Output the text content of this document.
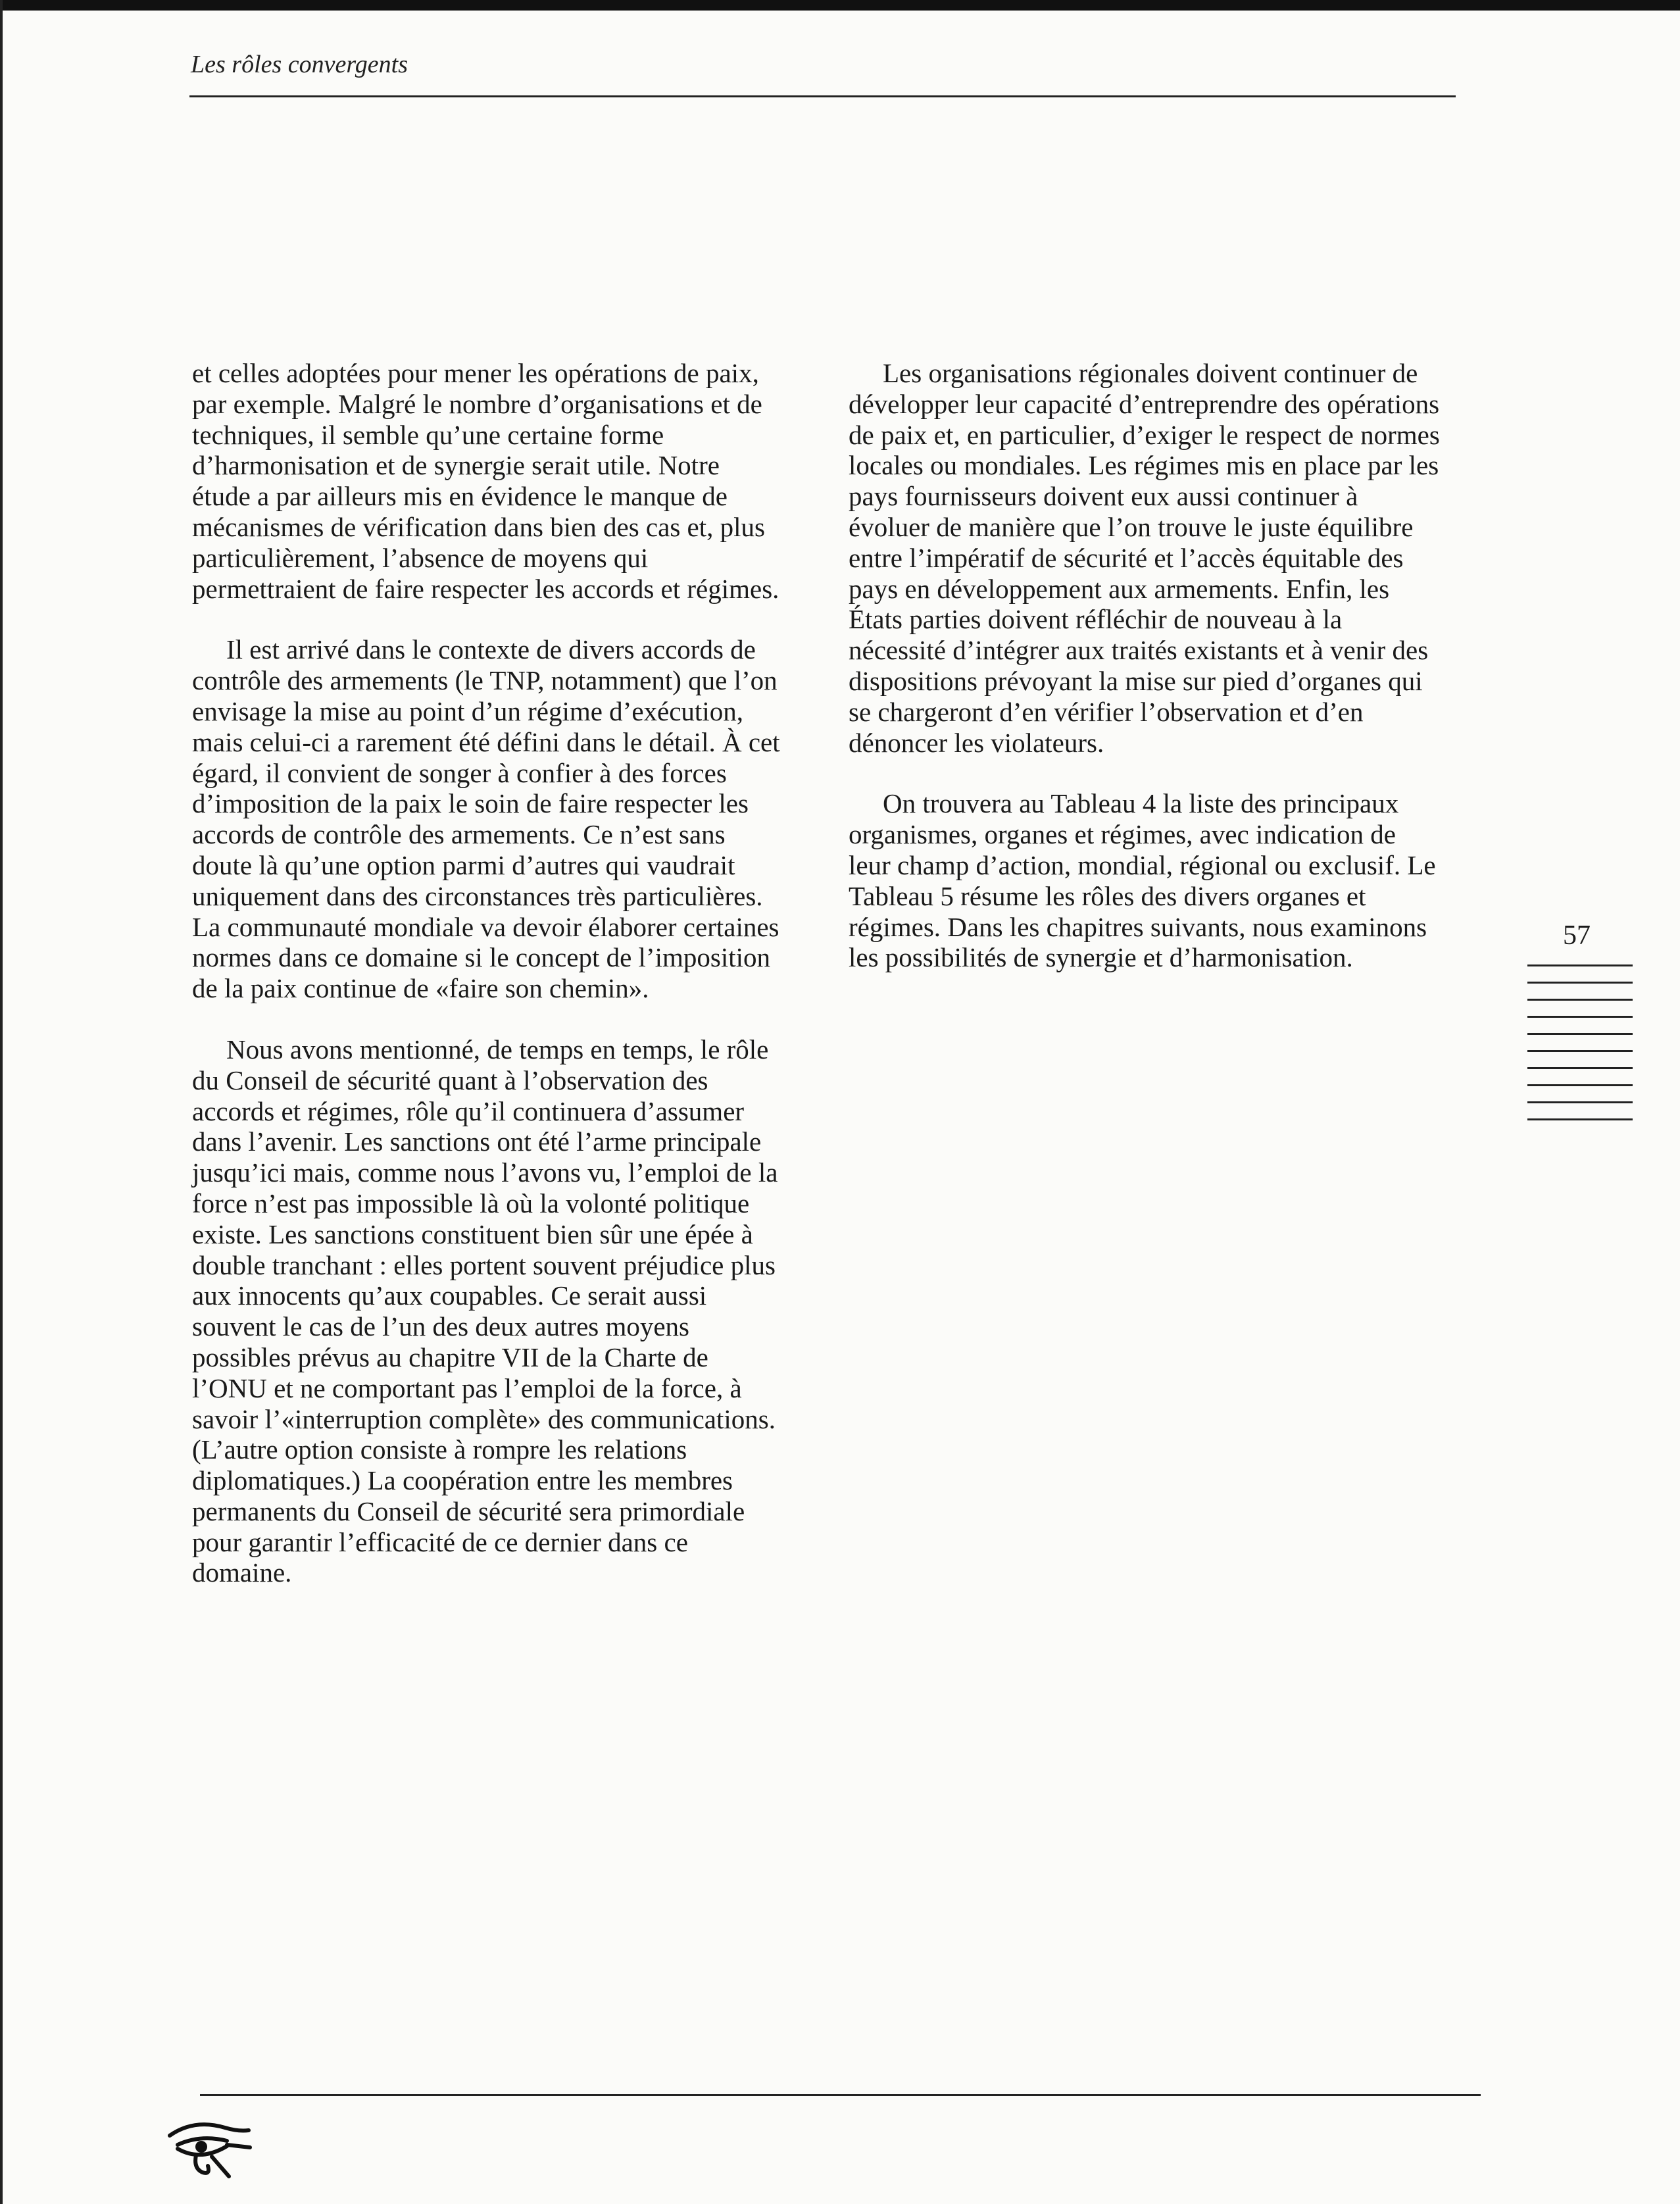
Les rôles convergents

et celles adoptées pour mener les opérations de paix, par exemple. Malgré le nombre d’organisations et de techniques, il semble qu’une certaine forme d’harmonisation et de synergie serait utile. Notre étude a par ailleurs mis en évidence le manque de mécanismes de vérification dans bien des cas et, plus particulièrement, l’absence de moyens qui permettraient de faire respecter les accords et régimes.

Il est arrivé dans le contexte de divers accords de contrôle des armements (le TNP, notamment) que l’on envisage la mise au point d’un régime d’exécution, mais celui-ci a rarement été défini dans le détail. À cet égard, il convient de songer à confier à des forces d’imposition de la paix le soin de faire respecter les accords de contrôle des armements. Ce n’est sans doute là qu’une option parmi d’autres qui vaudrait uniquement dans des circonstances très particulières. La communauté mondiale va devoir élaborer certaines normes dans ce domaine si le concept de l’imposition de la paix continue de «faire son chemin».

Nous avons mentionné, de temps en temps, le rôle du Conseil de sécurité quant à l’observation des accords et régimes, rôle qu’il continuera d’assumer dans l’avenir. Les sanctions ont été l’arme principale jusqu’ici mais, comme nous l’avons vu, l’emploi de la force n’est pas impossible là où la volonté politique existe. Les sanctions constituent bien sûr une épée à double tranchant : elles portent souvent préjudice plus aux innocents qu’aux coupables. Ce serait aussi souvent le cas de l’un des deux autres moyens possibles prévus au chapitre VII de la Charte de l’ONU et ne comportant pas l’emploi de la force, à savoir l’«interruption complète» des communications. (L’autre option consiste à rompre les relations diplomatiques.) La coopération entre les membres permanents du Conseil de sécurité sera primordiale pour garantir l’efficacité de ce dernier dans ce domaine.

Les organisations régionales doivent continuer de développer leur capacité d’entreprendre des opérations de paix et, en particulier, d’exiger le respect de normes locales ou mondiales. Les régimes mis en place par les pays fournisseurs doivent eux aussi continuer à évoluer de manière que l’on trouve le juste équilibre entre l’impératif de sécurité et l’accès équitable des pays en développement aux armements. Enfin, les États parties doivent réfléchir de nouveau à la nécessité d’intégrer aux traités existants et à venir des dispositions prévoyant la mise sur pied d’organes qui se chargeront d’en vérifier l’observation et d’en dénoncer les violateurs.

On trouvera au Tableau 4 la liste des principaux organismes, organes et régimes, avec indication de leur champ d’action, mondial, régional ou exclusif. Le Tableau 5 résume les rôles des divers organes et régimes. Dans les chapitres suivants, nous examinons les possibilités de synergie et d’harmonisation.

57
